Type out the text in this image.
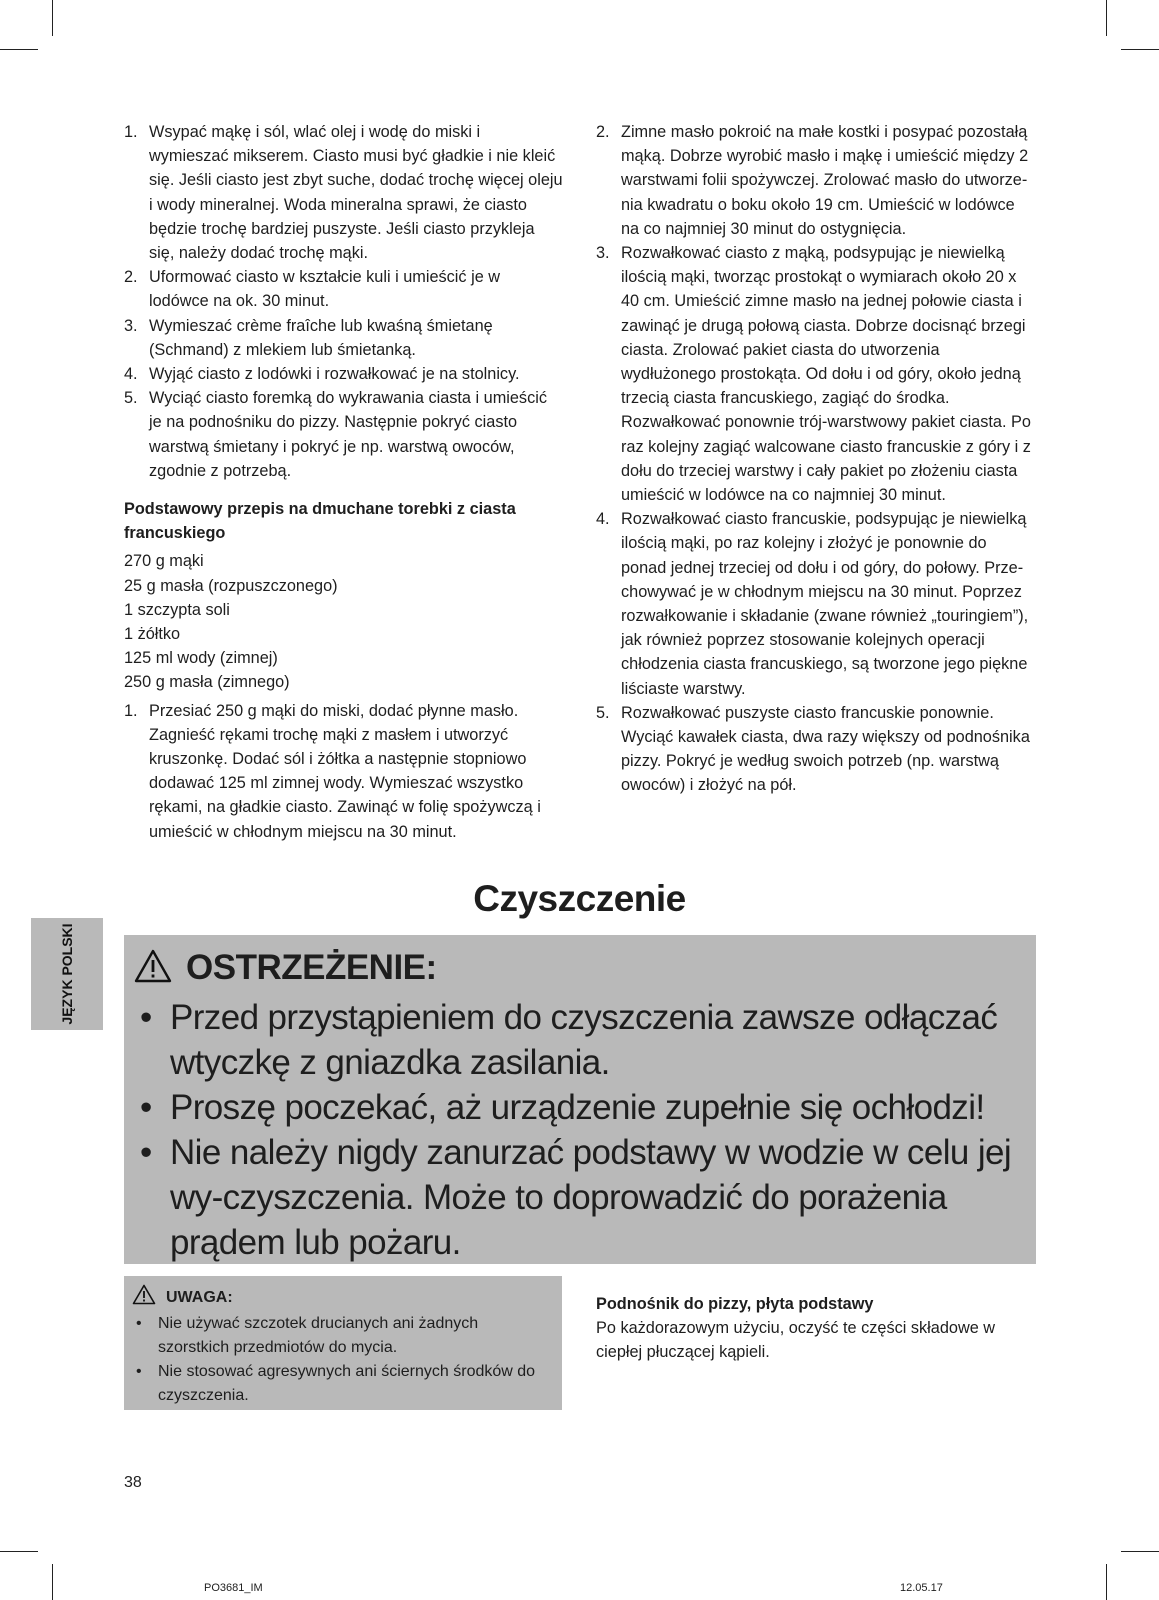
1. Wsypać mąkę i sól, wlać olej i wodę do miski i wymieszać mikserem. Ciasto musi być gładkie i nie kleić się. Jeśli ciasto jest zbyt suche, dodać trochę więcej oleju i wody mineralnej. Woda mineralna sprawi, że ciasto będzie trochę bardziej puszyste. Jeśli ciasto przykleja się, należy dodać trochę mąki.
2. Uformować ciasto w kształcie kuli i umieścić je w lodówce na ok. 30 minut.
3. Wymieszać crème fraîche lub kwaśną śmietanę (Schmand) z mlekiem lub śmietanką.
4. Wyjąć ciasto z lodówki i rozwałkować je na stolnicy.
5. Wyciąć ciasto foremką do wykrawania ciasta i umieścić je na podnośniku do pizzy. Następnie pokryć ciasto warstwą śmietany i pokryć je np. warstwą owoców, zgodnie z potrzebą.
Podstawowy przepis na dmuchane torebki z ciasta francuskiego
270 g mąki
25 g masła (rozpuszczonego)
1 szczypta soli
1 żółtko
125 ml wody (zimnej)
250 g masła (zimnego)
1. Przesiać 250 g mąki do miski, dodać płynne masło. Zagnieść rękami trochę mąki z masłem i utworzyć kruszonkę. Dodać sól i żółtka a następnie stopniowo dodawać 125 ml zimnej wody. Wymieszać wszystko rękami, na gładkie ciasto. Zawinąć w folię spożywczą i umieścić w chłodnym miejscu na 30 minut.
2. Zimne masło pokroić na małe kostki i posypać pozostałą mąką. Dobrze wyrobić masło i mąkę i umieścić między 2 warstwami folii spożywczej. Zrolować masło do utworze-nia kwadratu o boku około 19 cm. Umieścić w lodówce na co najmniej 30 minut do ostygnięcia.
3. Rozwałkować ciasto z mąką, podsypując je niewielką ilością mąki, tworząc prostokąt o wymiarach około 20 x 40 cm. Umieścić zimne masło na jednej połowie ciasta i zawinąć je drugą połową ciasta. Dobrze docisnąć brzegi ciasta. Zrolować pakiet ciasta do utworzenia wydłużonego prostokąta. Od dołu i od góry, około jedną trzecią ciasta francuskiego, zagiąć do środka. Rozwałkować ponownie trój-warstwowy pakiet ciasta. Po raz kolejny zagiąć walcowane ciasto francuskie z góry i z dołu do trzeciej warstwy i cały pakiet po złożeniu ciasta umieścić w lodówce na co najmniej 30 minut.
4. Rozwałkować ciasto francuskie, podsypując je niewielką ilością mąki, po raz kolejny i złożyć je ponownie do ponad jednej trzeciej od dołu i od góry, do połowy. Prze-chowywać je w chłodnym miejscu na 30 minut. Poprzez rozwałkowanie i składanie (zwane również „touringiem”), jak również poprzez stosowanie kolejnych operacji chłodzenia ciasta francuskiego, są tworzone jego piękne liściaste warstwy.
5. Rozwałkować puszyste ciasto francuskie ponownie. Wyciąć kawałek ciasta, dwa razy większy od podnośnika pizzy. Pokryć je według swoich potrzeb (np. warstwą owoców) i złożyć na pół.
Czyszczenie
JĘZYK POLSKI	OSTRZEŻENIE:
• Przed przystąpieniem do czyszczenia zawsze odłączać wtyczkę z gniazdka zasilania.
• Proszę poczekać, aż urządzenie zupełnie się ochłodzi!
• Nie należy nigdy zanurzać podstawy w wodzie w celu jej wy-czyszczenia. Może to doprowadzić do porażenia prądem lub pożaru.
UWAGA:
• Nie używać szczotek drucianych ani żadnych szorstkich przedmiotów do mycia.
• Nie stosować agresywnych ani ściernych środków do czyszczenia.
Podnośnik do pizzy, płyta podstawy
Po każdorazowym użyciu, oczyść te części składowe w ciepłej płuczącej kąpieli.
38
PO3681_IM	12.05.17
